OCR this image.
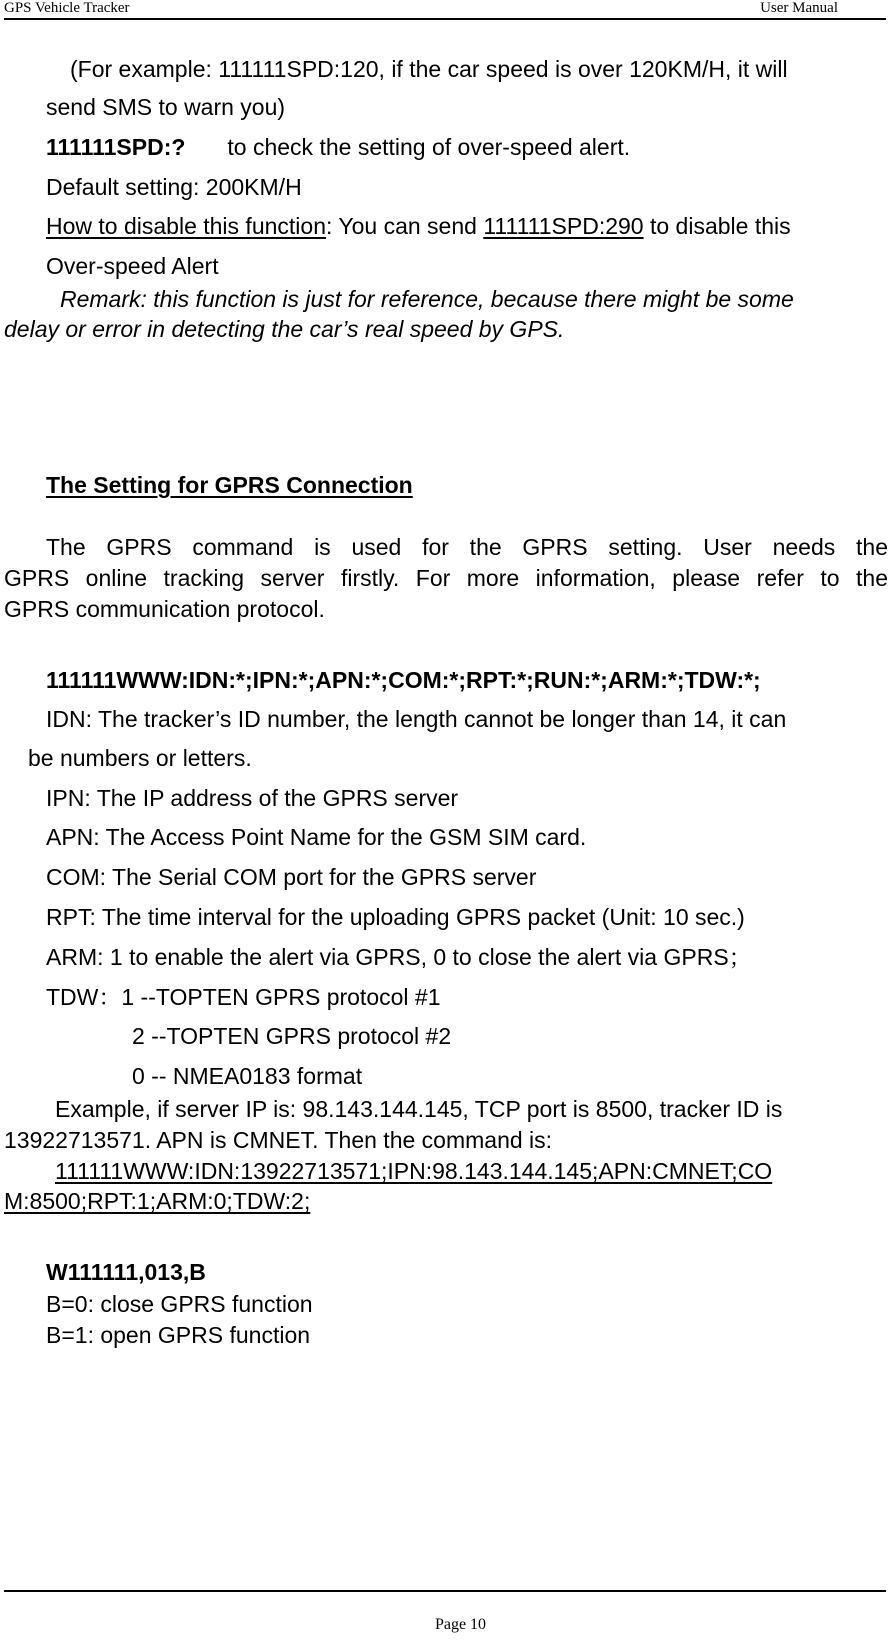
GPS Vehicle Tracker	User Manual
(For example: 111111SPD:120, if the car speed is over 120KM/H, it will
send SMS to warn you)
111111SPD:? to check the setting of over-speed alert.
Default setting: 200KM/H
How to disable this function: You can send 111111SPD:290 to disable this
Over-speed Alert
Remark: this function is just for reference, because there might be some
delay or error in detecting the car’s real speed by GPS.
The Setting for GPRS Connection
The GPRS command is used for the GPRS setting. User needs the
GPRS online tracking server firstly. For more information, please refer to the
GPRS communication protocol.
111111WWW:IDN:*;IPN:*;APN:*;COM:*;RPT:*;RUN:*;ARM:*;TDW:*;
IDN: The tracker’s ID number, the length cannot be longer than 14, it can
be numbers or letters.
IPN: The IP address of the GPRS server
APN: The Access Point Name for the GSM SIM card.
COM: The Serial COM port for the GPRS server
RPT: The time interval for the uploading GPRS packet (Unit: 10 sec.)
ARM: 1 to enable the alert via GPRS, 0 to close the alert via GPRS；
TDW：1 --TOPTEN GPRS protocol #1
2 --TOPTEN GPRS protocol #2
0 -- NMEA0183 format
Example, if server IP is: 98.143.144.145, TCP port is 8500, tracker ID is
13922713571. APN is CMNET. Then the command is:
111111WWW:IDN:13922713571;IPN:98.143.144.145;APN:CMNET;CO
M:8500;RPT:1;ARM:0;TDW:2;
W111111,013,B
B=0: close GPRS function
B=1: open GPRS function
Page 10
